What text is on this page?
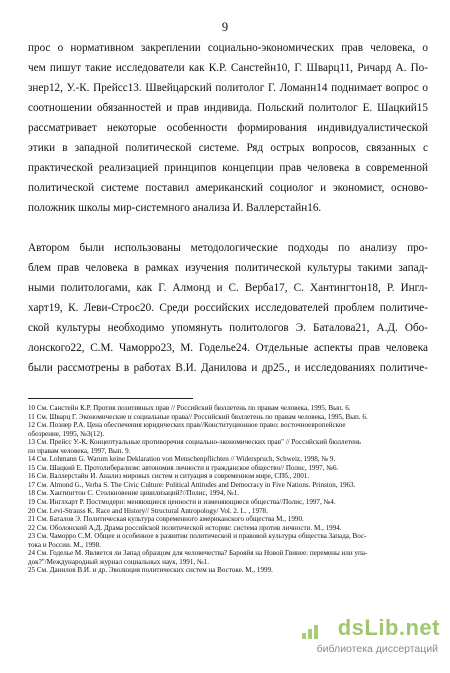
9
прос о нормативном закреплении социально-экономических прав человека, о
чем пишут такие исследователи как К.Р. Санстейн10, Г. Шварц11, Ричард А. По-
знер12, У.-К. Прейсс13. Швейцарский политолог Г. Ломанн14 поднимает вопрос о
соотношении обязанностей и прав индивида. Польский политолог Е. Шацкий15
рассматривает некоторые особенности формирования индивидуалистической
этики в западной политической системе. Ряд острых вопросов, связанных с
практической реализацией принципов концепции прав человека в современной
политической системе поставил американский социолог и экономист, осново-
положник школы мир-системного анализа И. Валлерстайн16.
Автором были использованы методологические подходы по анализу про-
блем прав человека в рамках изучения политической культуры такими запад-
ными политологами, как Г. Алмонд и С. Верба17, С. Хантингтон18, Р. Ингл-
харт19, К. Леви-Строс20. Среди российских исследователей проблем политиче-
ской культуры необходимо упомянуть политологов Э. Баталова21, А.Д. Обо-
лонского22, С.М. Чаморро23, М. Годелье24. Отдельные аспекты прав человека
были рассмотрены в работах В.И. Данилова и др25., и исследованиях политиче-
10 См. Санстейн К.Р. Против позитивных прав // Российский бюллетень по правам человека, 1995, Вып. 6.
11 См. Шварц Г. Экономические и социальные права// Российский бюллетень по правам человека, 1995, Вып. 6.
12 См. Познер Р.А. Цена обеспечения юридических прав//Конституционное право: восточноевропейское
обозрение, 1995, №3(12).
13 См. Прейсс У.-К. Концептуальные противоречия социально-экономических прав" // Российский бюллетень
по правам человека, 1997, Вып. 9.
14 См. Lohmann G. Warum keine Deklaration von Menschenpflichten // Widerspruch, Schweiz, 1998, № 9.
15 См. Шацкий Е. Протолиберализм: автономия личности и гражданское общество// Полис, 1997, №6.
16 См. Валлерстайн И. Анализ мировых систем и ситуация в современном мире, СПб., 2001.
17 См. Almond G., Verba S. The Civic Culture: Political Attitudes and Democracy in Five Nations. Prinston, 1963.
18 См. Хантингтон С. Столкновение цивилизаций?//Полис, 1994, №1.
19 См. Инглхарт Р. Постмодерн: меняющиеся ценности и изменяющиеся общества//Полис, 1997, №4.
20 См. Levi-Strauss K. Race and History// Structural Antropology/ Vol. 2. L. , 1978.
21 См. Баталов Э. Политическая культура современного американского общества М., 1990.
22 См. Оболонский А.Д. Драма российской политической истории: система против личности. М., 1994.
23 См. Чаморро С.М. Общее и особенное в развитии политической и правовой культуры общества Запада, Вос-
тока и России. М., 1998.
24 См. Годелье М. Является ли Запад образцом для человечества? Барояйя на Новой Гвинее: перемены или упа-
док?"/Международный журнал социальных наук, 1991, №1.
25 См. Данилов В.И. и др. Эволюция политических систем на Востоке. М., 1999.
dsLib.net
библиотека диссертаций
